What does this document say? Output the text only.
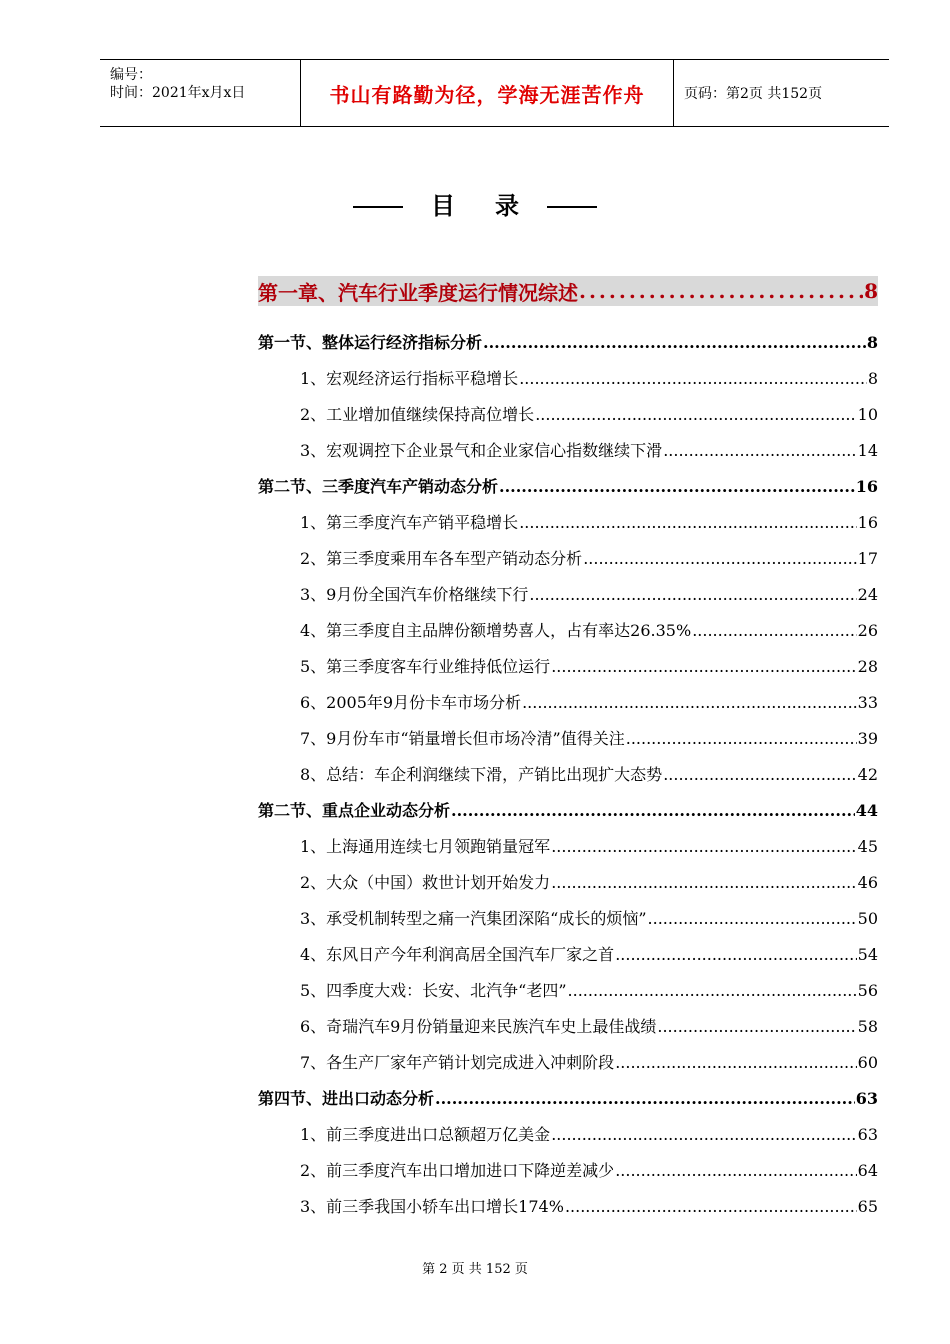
编号：
时间：2021年x月x日	书山有路勤为径，学海无涯苦作舟	页码：第2页 共152页
目 录
第一章、汽车行业季度运行情况综述 .....	8
第一节、整体运行经济指标分析 .....	8
1、宏观经济运行指标平稳增长 .....	8
2、工业增加值继续保持高位增长 .....	10
3、宏观调控下企业景气和企业家信心指数继续下滑 .....	14
第二节、三季度汽车产销动态分析 .....	16
1、第三季度汽车产销平稳增长 .....	16
2、第三季度乘用车各车型产销动态分析 .....	17
3、9月份全国汽车价格继续下行 .....	24
4、第三季度自主品牌份额增势喜人，占有率达26.35% .....	26
5、第三季度客车行业维持低位运行 .....	28
6、2005年9月份卡车市场分析 .....	33
7、9月份车市“销量增长但市场冷清”值得关注 .....	39
8、总结：车企利润继续下滑，产销比出现扩大态势 .....	42
第二节、重点企业动态分析 .....	44
1、上海通用连续七月领跑销量冠军 .....	45
2、大众（中国）救世计划开始发力 .....	46
3、承受机制转型之痛一汽集团深陷“成长的烦恼” .....	50
4、东风日产今年利润高居全国汽车厂家之首 .....	54
5、四季度大戏：长安、北汽争“老四” .....	56
6、奇瑞汽车9月份销量迎来民族汽车史上最佳战绩 .....	58
7、各生产厂家年产销计划完成进入冲刺阶段 .....	60
第四节、进出口动态分析 .....	63
1、前三季度进出口总额超万亿美金 .....	63
2、前三季度汽车出口增加进口下降逆差减少 .....	64
3、前三季我国小轿车出口增长174% .....	65
第 2 页 共 152 页
